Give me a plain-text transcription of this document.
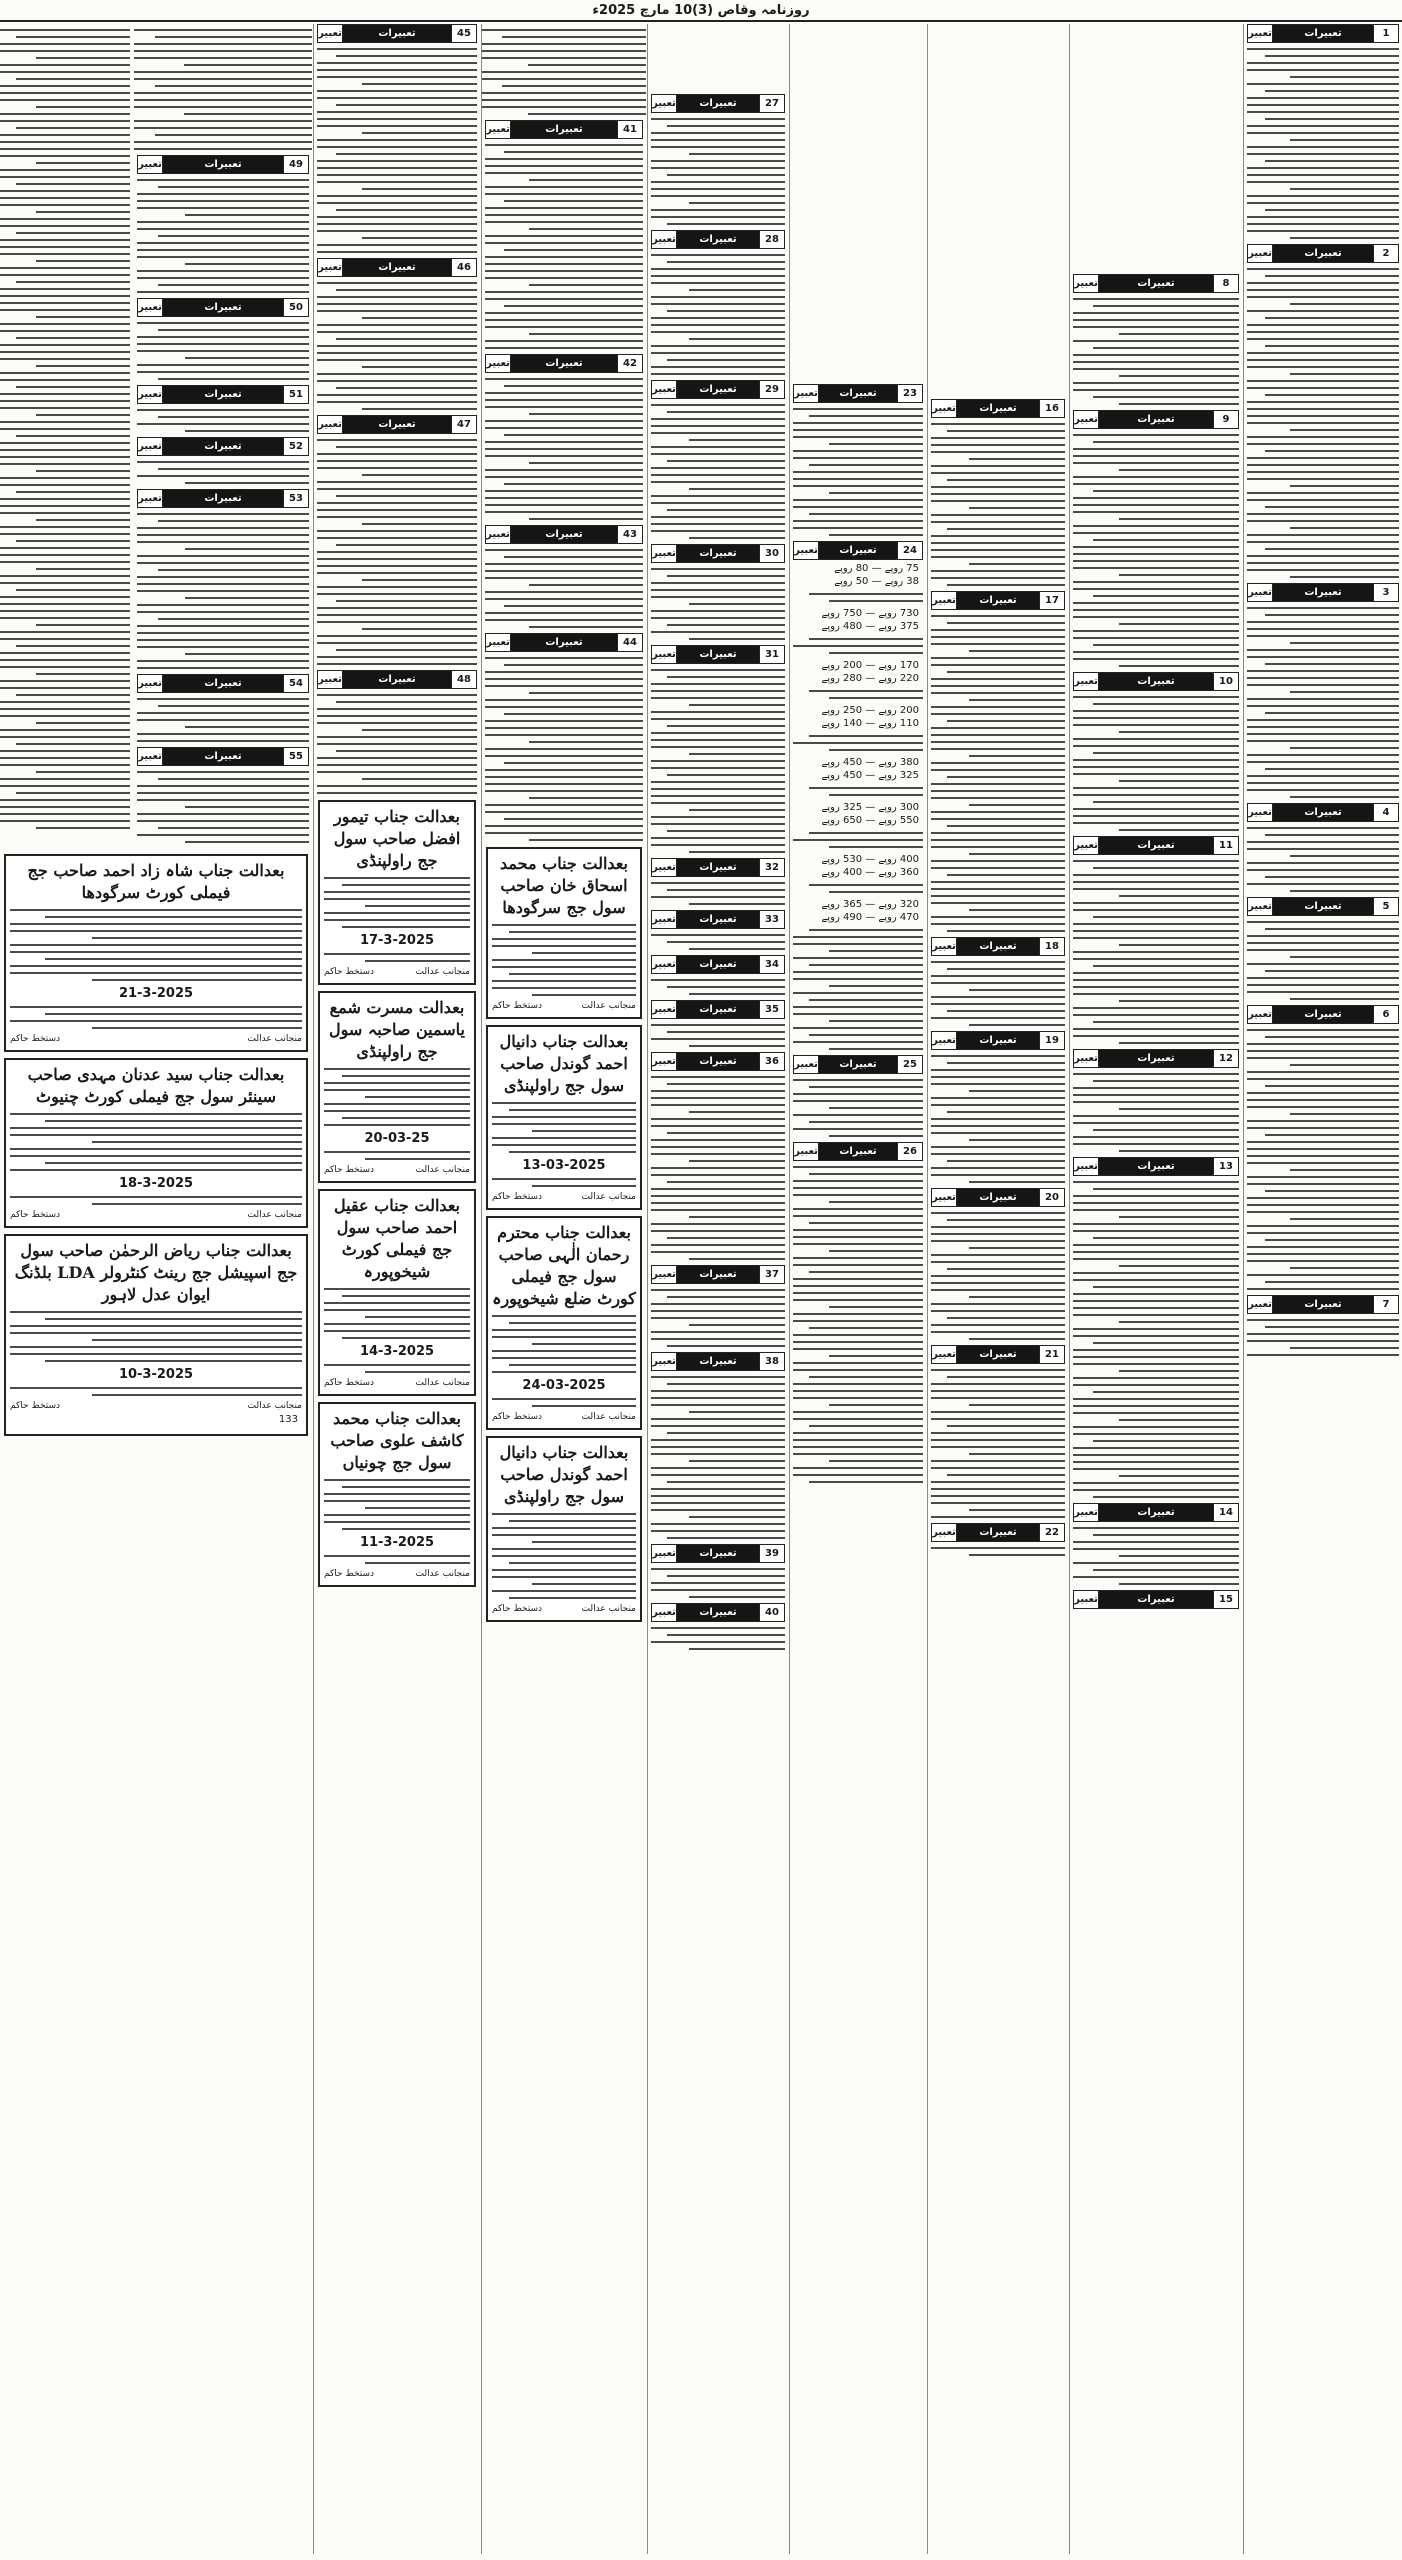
روزنامہ وقاص (3)10 مارچ 2025ء
1
تعبیرات
تعبیر
2
تعبیرات
تعبیر
3
تعبیرات
تعبیر
4
تعبیرات
تعبیر
5
تعبیرات
تعبیر
6
تعبیرات
تعبیر
7
تعبیرات
تعبیر
8
تعبیرات
تعبیر
9
تعبیرات
تعبیر
10
تعبیرات
تعبیر
11
تعبیرات
تعبیر
12
تعبیرات
تعبیر
13
تعبیرات
تعبیر
14
تعبیرات
تعبیر
15
تعبیرات
تعبیر
16
تعبیرات
تعبیر
17
تعبیرات
تعبیر
18
تعبیرات
تعبیر
19
تعبیرات
تعبیر
20
تعبیرات
تعبیر
21
تعبیرات
تعبیر
22
تعبیرات
تعبیر
23
تعبیرات
تعبیر
24
تعبیرات
تعبیر
75 روپے — 80 روپے
38 روپے — 50 روپے
730 روپے — 750 روپے
375 روپے — 480 روپے
170 روپے — 200 روپے
220 روپے — 280 روپے
200 روپے — 250 روپے
110 روپے — 140 روپے
380 روپے — 450 روپے
325 روپے — 450 روپے
300 روپے — 325 روپے
550 روپے — 650 روپے
400 روپے — 530 روپے
360 روپے — 400 روپے
320 روپے — 365 روپے
470 روپے — 490 روپے
25
تعبیرات
تعبیر
26
تعبیرات
تعبیر
27
تعبیرات
تعبیر
28
تعبیرات
تعبیر
29
تعبیرات
تعبیر
30
تعبیرات
تعبیر
31
تعبیرات
تعبیر
32
تعبیرات
تعبیر
33
تعبیرات
تعبیر
34
تعبیرات
تعبیر
35
تعبیرات
تعبیر
36
تعبیرات
تعبیر
37
تعبیرات
تعبیر
38
تعبیرات
تعبیر
39
تعبیرات
تعبیر
40
تعبیرات
تعبیر
41
تعبیرات
تعبیر
42
تعبیرات
تعبیر
43
تعبیرات
تعبیر
44
تعبیرات
تعبیر
بعدالت جناب محمد اسحاق خان صاحب سول جج سرگودھا
منجانب عدالت
دستخط حاکم
بعدالت جناب دانیال احمد گوندل صاحب سول جج راولپنڈی
13-03-2025
منجانب عدالت
دستخط حاکم
بعدالت جناب محترم رحمان الٰہی صاحب سول جج فیملی کورٹ ضلع شیخوپورہ
24-03-2025
منجانب عدالت
دستخط حاکم
بعدالت جناب دانیال احمد گوندل صاحب سول جج راولپنڈی
منجانب عدالت
دستخط حاکم
45
تعبیرات
تعبیر
46
تعبیرات
تعبیر
47
تعبیرات
تعبیر
48
تعبیرات
تعبیر
بعدالت جناب تیمور افضل صاحب سول جج راولپنڈی
17-3-2025
منجانب عدالت
دستخط حاکم
بعدالت مسرت شمع یاسمین صاحبہ سول جج راولپنڈی
20-03-25
منجانب عدالت
دستخط حاکم
بعدالت جناب عقیل احمد صاحب سول جج فیملی کورٹ شیخوپورہ
14-3-2025
منجانب عدالت
دستخط حاکم
بعدالت جناب محمد کاشف علوی صاحب سول جج چونیاں
11-3-2025
منجانب عدالت
دستخط حاکم
49
تعبیرات
تعبیر
50
تعبیرات
تعبیر
51
تعبیرات
تعبیر
52
تعبیرات
تعبیر
53
تعبیرات
تعبیر
54
تعبیرات
تعبیر
55
تعبیرات
تعبیر
بعدالت جناب شاہ زاد احمد صاحب جج فیملی کورٹ سرگودھا
21-3-2025
منجانب عدالت
دستخط حاکم
بعدالت جناب سید عدنان مہدی صاحب سینئر سول جج فیملی کورٹ چنیوٹ
18-3-2025
منجانب عدالت
دستخط حاکم
بعدالت جناب ریاض الرحمٰن صاحب سول جج اسپیشل جج رینٹ کنٹرولر LDA بلڈنگ ایوان عدل لاہور
10-3-2025
منجانب عدالت
دستخط حاکم
133
